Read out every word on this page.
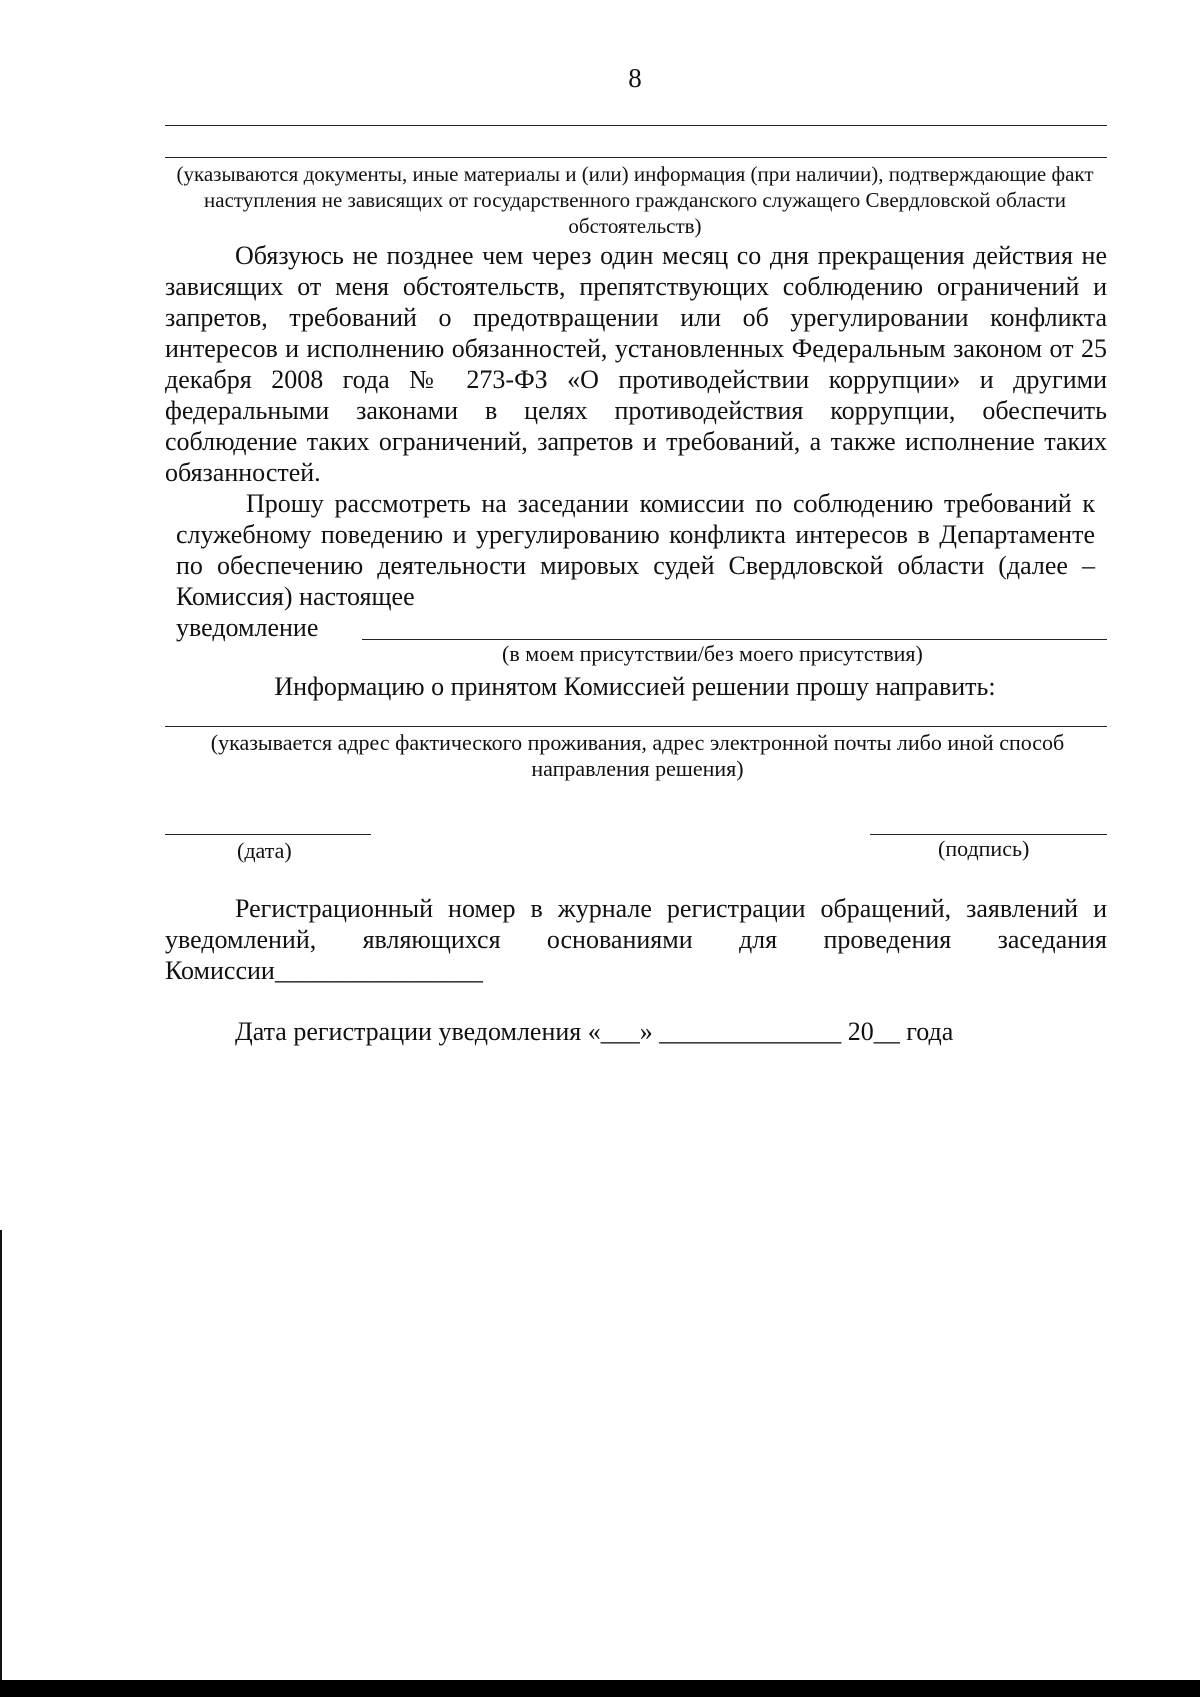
8
(указываются документы, иные материалы и (или) информация (при наличии), подтверждающие факт наступления не зависящих от государственного гражданского служащего Свердловской области обстоятельств)

Обязуюсь не позднее чем через один месяц со дня прекращения действия не зависящих от меня обстоятельств, препятствующих соблюдению ограничений и запретов, требований о предотвращении или об урегулировании конфликта интересов и исполнению обязанностей, установленных Федеральным законом от 25 декабря 2008 года № 273-ФЗ «О противодействии коррупции» и другими федеральными законами в целях противодействия коррупции, обеспечить соблюдение таких ограничений, запретов и требований, а также исполнение таких обязанностей.

Прошу рассмотреть на заседании комиссии по соблюдению требований к служебному поведению и урегулированию конфликта интересов в Департаменте по обеспечению деятельности мировых судей Свердловской области (далее – Комиссия) настоящее

уведомление
(в моем присутствии/без моего присутствия)
Информацию о принятом Комиссией решении прошу направить:
(указывается адрес фактического проживания, адрес электронной почты либо иной способ направления решения)
(дата)	(подпись)

Регистрационный номер в журнале регистрации обращений, заявлений и уведомлений, являющихся основаниями для проведения заседания Комиссии________________

Дата регистрации уведомления «___» ______________ 20__ года
